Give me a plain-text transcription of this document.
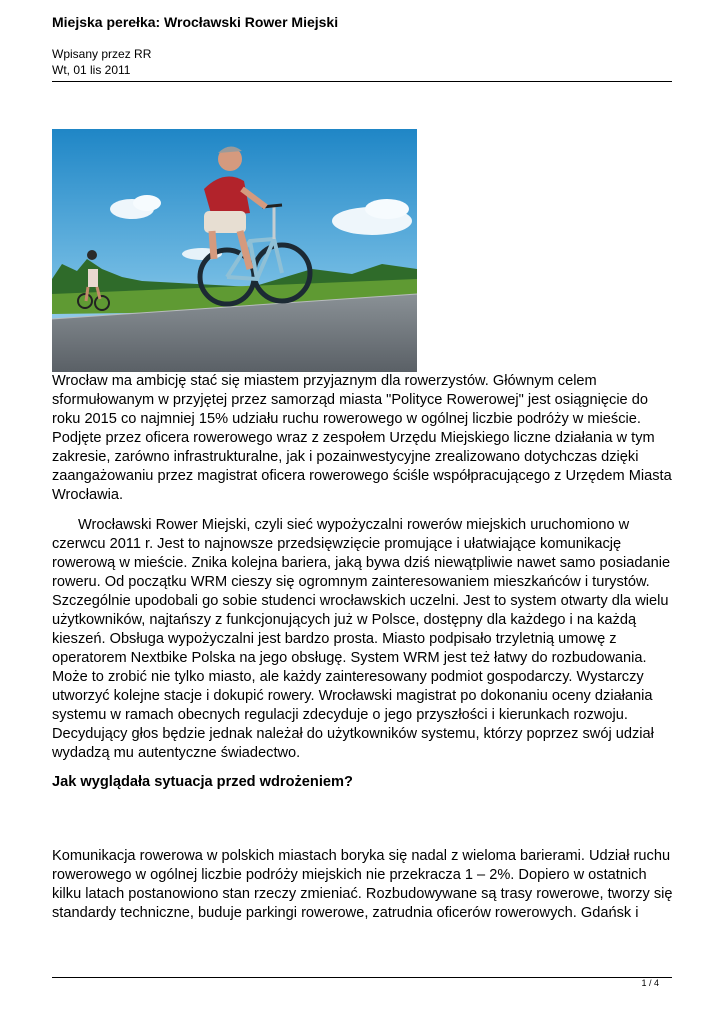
Miejska perełka: Wrocławski Rower Miejski
Wpisany przez RR
Wt, 01 lis 2011

Wrocław ma ambicję stać się miastem przyjaznym dla rowerzystów. Głównym celem sformułowanym w przyjętej przez samorząd miasta "Polityce Rowerowej" jest osiągnięcie do roku 2015 co najmniej 15% udziału ruchu rowerowego w ogólnej liczbie podróży w mieście. Podjęte przez oficera rowerowego wraz z zespołem Urzędu Miejskiego liczne działania w tym zakresie, zarówno infrastrukturalne, jak i pozainwestycyjne zrealizowano dotychczas dzięki zaangażowaniu przez magistrat oficera rowerowego ściśle współpracującego z Urzędem Miasta Wrocławia.

Wrocławski Rower Miejski, czyli sieć wypożyczalni rowerów miejskich uruchomiono w czerwcu 2011 r. Jest to najnowsze przedsięwzięcie promujące i ułatwiające komunikację rowerową w mieście. Znika kolejna bariera, jaką bywa dziś niewątpliwie nawet samo posiadanie roweru. Od początku WRM cieszy się ogromnym zainteresowaniem mieszkańców i turystów. Szczególnie upodobali go sobie studenci wrocławskich uczelni. Jest to system otwarty dla wielu użytkowników, najtańszy z funkcjonujących już w Polsce, dostępny dla każdego i na każdą kieszeń. Obsługa wypożyczalni jest bardzo prosta. Miasto podpisało trzyletnią umowę z operatorem Nextbike Polska na jego obsługę. System WRM jest też łatwy do rozbudowania. Może to zrobić nie tylko miasto, ale każdy zainteresowany podmiot gospodarczy. Wystarczy utworzyć kolejne stacje i dokupić rowery. Wrocławski magistrat po dokonaniu oceny działania systemu w ramach obecnych regulacji zdecyduje o jego przyszłości i kierunkach rozwoju. Decydujący głos będzie jednak należał do użytkowników systemu, którzy poprzez swój udział wydadzą mu autentyczne świadectwo.

Jak wyglądała sytuacja przed wdrożeniem?

Komunikacja rowerowa w polskich miastach boryka się nadal z wieloma barierami. Udział ruchu rowerowego w ogólnej liczbie podróży miejskich nie przekracza 1 – 2%. Dopiero w ostatnich kilku latach postanowiono stan rzeczy zmieniać. Rozbudowywane są trasy rowerowe, tworzy się standardy techniczne, buduje parkingi rowerowe, zatrudnia oficerów rowerowych. Gdańsk i

1 / 4
